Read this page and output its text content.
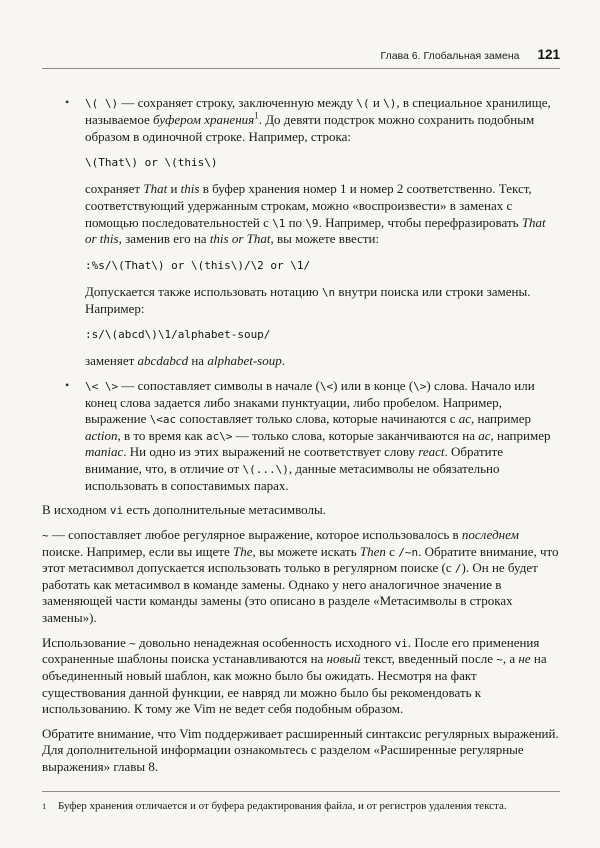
Глава 6. Глобальная замена 121
•	\( \) — сохраняет строку, заключенную между \( и \), в специальное хранилище, называемое буфером хранения$^1$. До девяти подстрок можно сохранить подобным образом в одиночной строке. Например, строка:
\(That\) or \(this\)

сохраняет That и this в буфер хранения номер 1 и номер 2 соответственно. Текст, соответствующий удержанным строкам, можно «воспроизвести» в заменах с помощью последовательностей с \1 по \9. Например, чтобы перефразировать That or this, заменив его на this or That, вы можете ввести:

:%s/\(That\) or \(this\)/\2 or \1/

Допускается также использовать нотацию \n внутри поиска или строки замены. Например:

:s/\(abcd\)\1/alphabet-soup/

заменяет abcdabcd на alphabet-soup.

•	\< \> — сопоставляет символы в начале (\<) или в конце (\>) слова. Начало или конец слова задается либо знаками пунктуации, либо пробелом. Например, выражение \<ac сопоставляет только слова, которые начинаются с ac, например action, в то время как ac\> — только слова, которые заканчиваются на ac, например maniac. Ни одно из этих выражений не соответствует слову react. Обратите внимание, что, в отличие от \(...\), данные метасимволы не обязательно использовать в сопоставимых парах.

В исходном vi есть дополнительные метасимволы.

~ — сопоставляет любое регулярное выражение, которое использовалось в последнем поиске. Например, если вы ищете The, вы можете искать Then с /~n. Обратите внимание, что этот метасимвол допускается использовать только в регулярном поиске (с /). Он не будет работать как метасимвол в команде замены. Однако у него аналогичное значение в заменяющей части команды замены (это описано в разделе «Метасимволы в строках замены»).

Использование ~ довольно ненадежная особенность исходного vi. После его применения сохраненные шаблоны поиска устанавливаются на новый текст, введенный после ~, а не на объединенный новый шаблон, как можно было бы ожидать. Несмотря на факт существования данной функции, ее навряд ли можно было бы рекомендовать к использованию. К тому же Vim не ведет себя подобным образом.

Обратите внимание, что Vim поддерживает расширенный синтаксис регулярных выражений. Для дополнительной информации ознакомьтесь с разделом «Расширенные регулярные выражения» главы 8.

1	Буфер хранения отличается и от буфера редактирования файла, и от регистров удаления текста.
